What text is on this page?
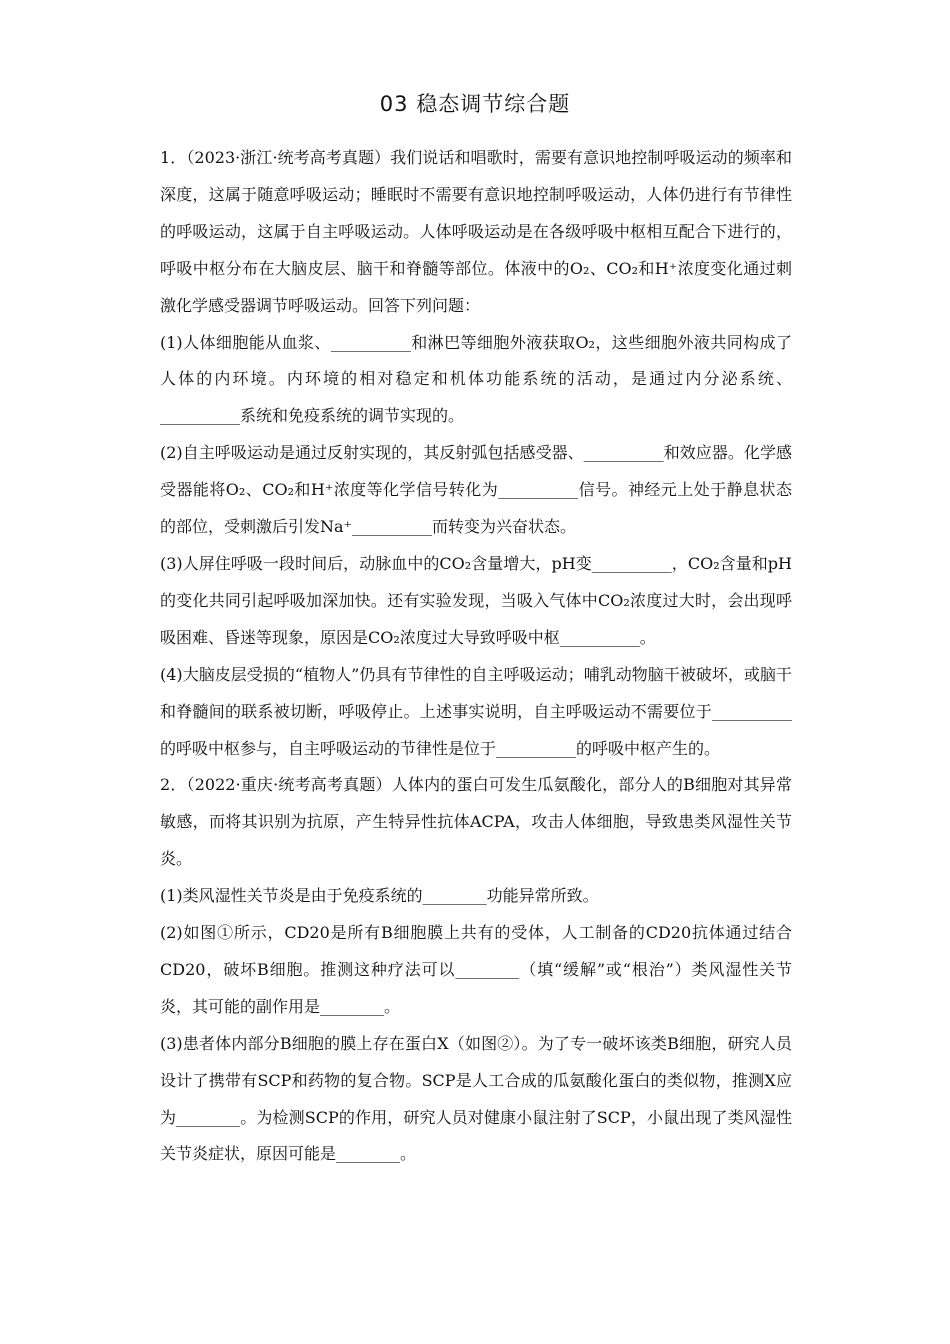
03 稳态调节综合题

1．（2023·浙江·统考高考真题）我们说话和唱歌时，需要有意识地控制呼吸运动的频率和深度，这属于随意呼吸运动；睡眠时不需要有意识地控制呼吸运动，人体仍进行有节律性的呼吸运动，这属于自主呼吸运动。人体呼吸运动是在各级呼吸中枢相互配合下进行的，呼吸中枢分布在大脑皮层、脑干和脊髓等部位。体液中的O₂、CO₂和H⁺浓度变化通过刺激化学感受器调节呼吸运动。回答下列问题：

(1)人体细胞能从血浆、__________和淋巴等细胞外液获取O₂，这些细胞外液共同构成了人体的内环境。内环境的相对稳定和机体功能系统的活动，是通过内分泌系统、__________系统和免疫系统的调节实现的。

(2)自主呼吸运动是通过反射实现的，其反射弧包括感受器、__________和效应器。化学感受器能将O₂、CO₂和H⁺浓度等化学信号转化为__________信号。神经元上处于静息状态的部位，受刺激后引发Na⁺__________而转变为兴奋状态。

(3)人屏住呼吸一段时间后，动脉血中的CO₂含量增大，pH变__________，CO₂含量和pH的变化共同引起呼吸加深加快。还有实验发现，当吸入气体中CO₂浓度过大时，会出现呼吸困难、昏迷等现象，原因是CO₂浓度过大导致呼吸中枢__________。

(4)大脑皮层受损的“植物人”仍具有节律性的自主呼吸运动；哺乳动物脑干被破坏，或脑干和脊髓间的联系被切断，呼吸停止。上述事实说明，自主呼吸运动不需要位于__________的呼吸中枢参与，自主呼吸运动的节律性是位于__________的呼吸中枢产生的。

2．（2022·重庆·统考高考真题）人体内的蛋白可发生瓜氨酸化，部分人的B细胞对其异常敏感，而将其识别为抗原，产生特异性抗体ACPA，攻击人体细胞，导致患类风湿性关节炎。

(1)类风湿性关节炎是由于免疫系统的________功能异常所致。

(2)如图①所示，CD20是所有B细胞膜上共有的受体，人工制备的CD20抗体通过结合CD20，破坏B细胞。推测这种疗法可以________（填“缓解”或“根治”）类风湿性关节炎，其可能的副作用是________。

(3)患者体内部分B细胞的膜上存在蛋白X（如图②）。为了专一破坏该类B细胞，研究人员设计了携带有SCP和药物的复合物。SCP是人工合成的瓜氨酸化蛋白的类似物，推测X应为________。为检测SCP的作用，研究人员对健康小鼠注射了SCP，小鼠出现了类风湿性关节炎症状，原因可能是________。
